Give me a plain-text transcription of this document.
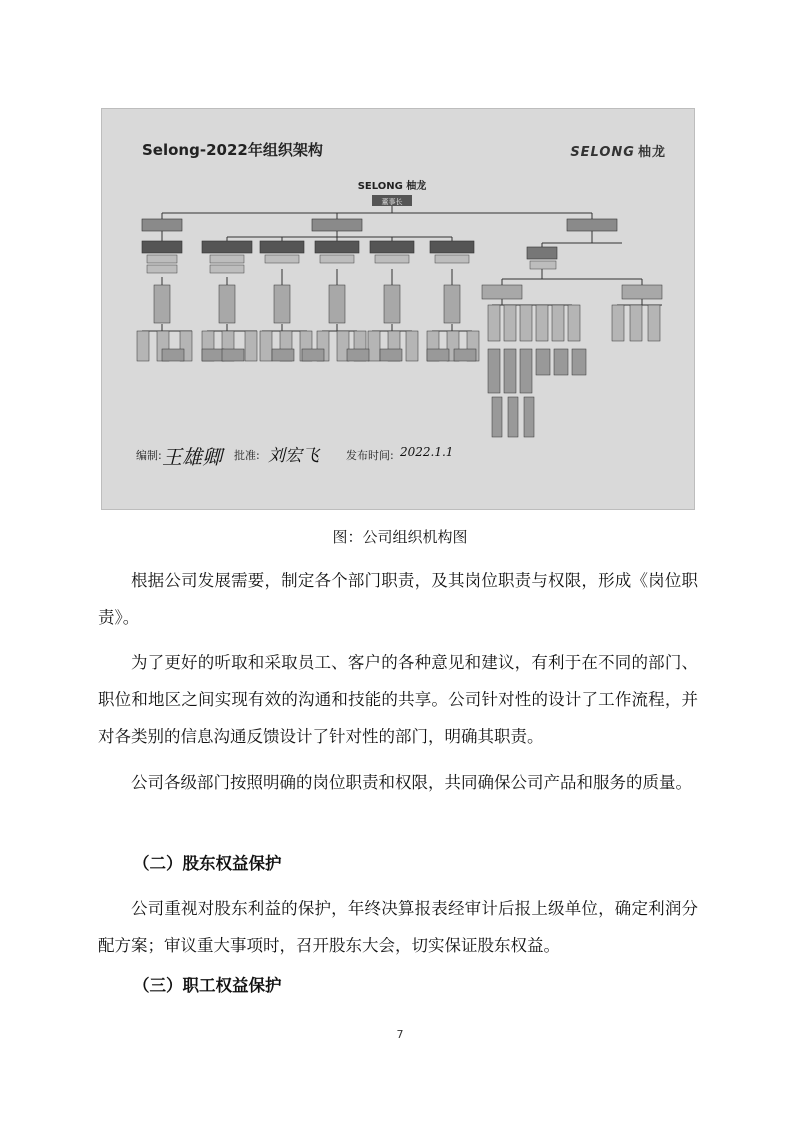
Selong-2022年组织架构	SELONG 柚龙
SELONG 柚龙
董事长
编制: 王雄卿 批准: 刘宏飞 发布时间: 2022.1.1
图：公司组织机构图

根据公司发展需要，制定各个部门职责，及其岗位职责与权限，形成《岗位职责》。

为了更好的听取和采取员工、客户的各种意见和建议，有利于在不同的部门、职位和地区之间实现有效的沟通和技能的共享。公司针对性的设计了工作流程，并对各类别的信息沟通反馈设计了针对性的部门，明确其职责。

公司各级部门按照明确的岗位职责和权限，共同确保公司产品和服务的质量。

（二）股东权益保护

公司重视对股东利益的保护，年终决算报表经审计后报上级单位，确定利润分配方案；审议重大事项时，召开股东大会，切实保证股东权益。

（三）职工权益保护
7
